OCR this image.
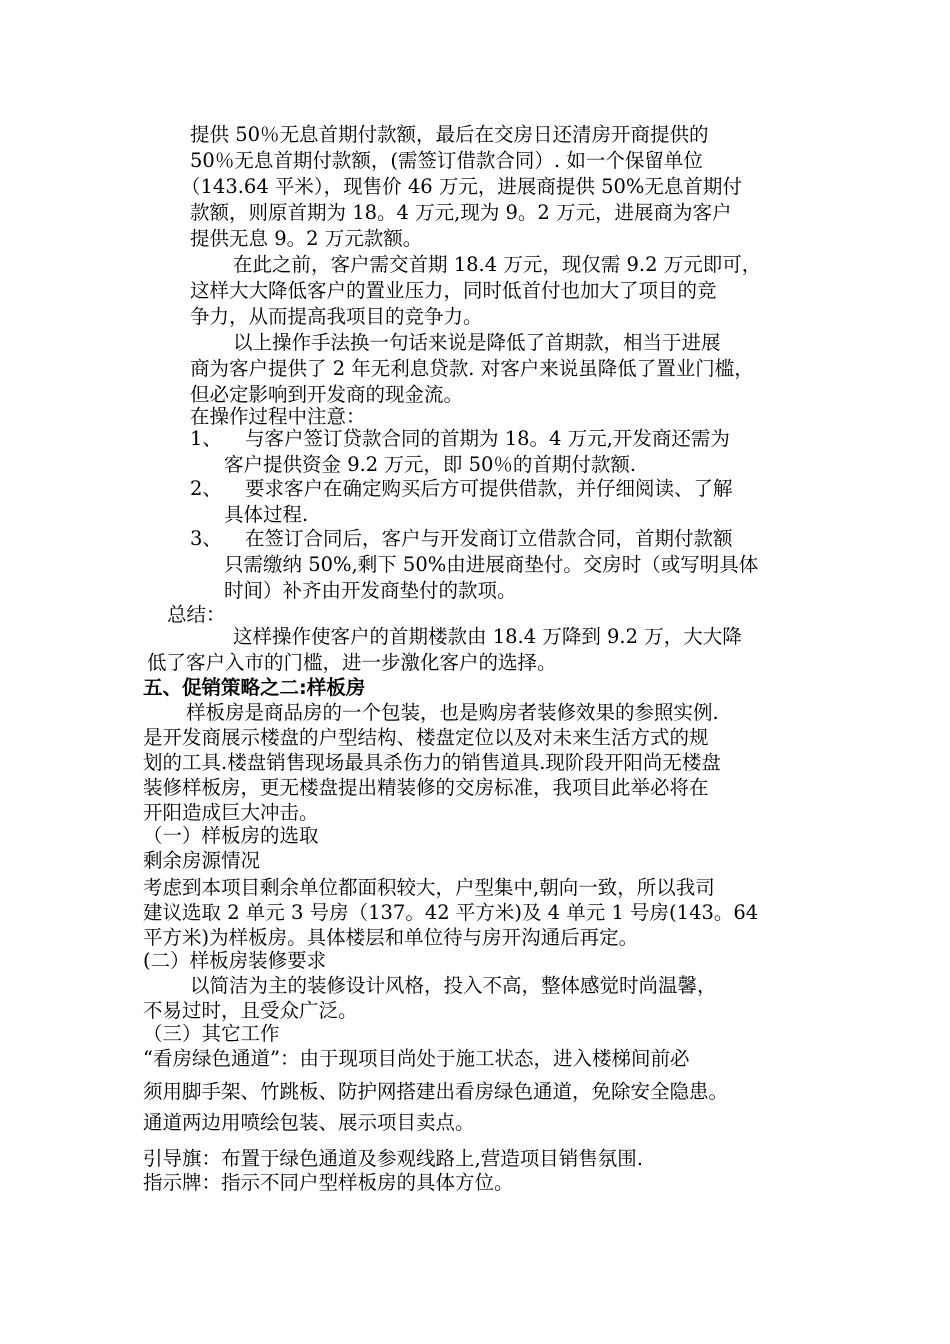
提供 50％无息首期付款额，最后在交房日还清房开商提供的
50％无息首期付款额，(需签订借款合同）. 如一个保留单位
（143.64 平米），现售价 46 万元，进展商提供 50%无息首期付
款额，则原首期为 18。4 万元,现为 9。2 万元，进展商为客户
提供无息 9。2 万元款额。
在此之前，客户需交首期 18.4 万元，现仅需 9.2 万元即可，
这样大大降低客户的置业压力，同时低首付也加大了项目的竞
争力，从而提高我项目的竞争力。
以上操作手法换一句话来说是降低了首期款，相当于进展
商为客户提供了 2 年无利息贷款. 对客户来说虽降低了置业门槛，
但必定影响到开发商的现金流。
在操作过程中注意：
1、 与客户签订贷款合同的首期为 18。4 万元,开发商还需为
客户提供资金 9.2 万元，即 50％的首期付款额.
2、 要求客户在确定购买后方可提供借款，并仔细阅读、了解
具体过程.
3、 在签订合同后，客户与开发商订立借款合同，首期付款额
只需缴纳 50%,剩下 50%由进展商垫付。交房时（或写明具体
时间）补齐由开发商垫付的款项。
总结：
这样操作使客户的首期楼款由 18.4 万降到 9.2 万，大大降
低了客户入市的门槛，进一步激化客户的选择。
五、促销策略之二:样板房
样板房是商品房的一个包装，也是购房者装修效果的参照实例.
是开发商展示楼盘的户型结构、楼盘定位以及对未来生活方式的规
划的工具.楼盘销售现场最具杀伤力的销售道具.现阶段开阳尚无楼盘
装修样板房，更无楼盘提出精装修的交房标准，我项目此举必将在
开阳造成巨大冲击。
（一）样板房的选取
剩余房源情况
考虑到本项目剩余单位都面积较大，户型集中,朝向一致，所以我司
建议选取 2 单元 3 号房（137。42 平方米)及 4 单元 1 号房(143。64
平方米)为样板房。具体楼层和单位待与房开沟通后再定。
(二）样板房装修要求
以简洁为主的装修设计风格，投入不高，整体感觉时尚温馨，
不易过时，且受众广泛。
（三）其它工作
“看房绿色通道”：由于现项目尚处于施工状态，进入楼梯间前必
须用脚手架、竹跳板、防护网搭建出看房绿色通道，免除安全隐患。
通道两边用喷绘包装、展示项目卖点。
引导旗：布置于绿色通道及参观线路上,营造项目销售氛围.
指示牌：指示不同户型样板房的具体方位。
